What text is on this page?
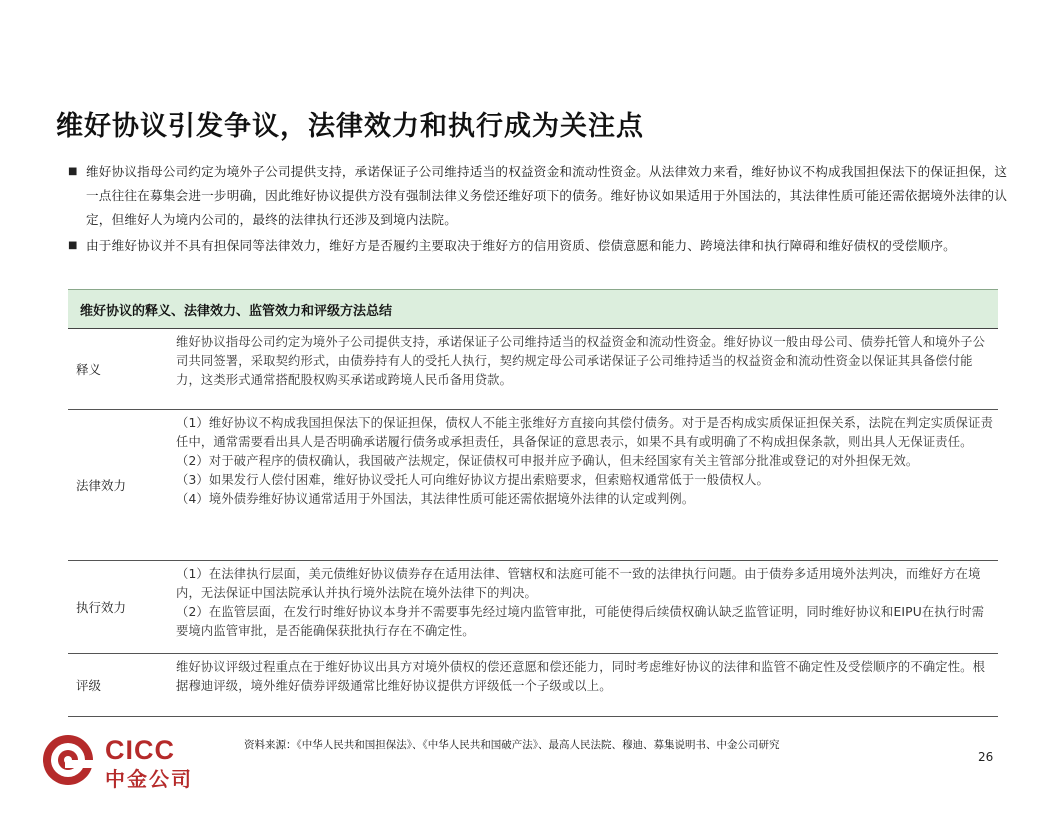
维好协议引发争议，法律效力和执行成为关注点
■ 维好协议指母公司约定为境外子公司提供支持，承诺保证子公司维持适当的权益资金和流动性资金。从法律效力来看，维好协议不构成我国担保法下的保证担保，这一点往往在募集会进一步明确，因此维好协议提供方没有强制法律义务偿还维好项下的债务。维好协议如果适用于外国法的，其法律性质可能还需依据境外法律的认定，但维好人为境内公司的，最终的法律执行还涉及到境内法院。
■ 由于维好协议并不具有担保同等法律效力，维好方是否履约主要取决于维好方的信用资质、偿债意愿和能力、跨境法律和执行障碍和维好债权的受偿顺序。
维好协议的释义、法律效力、监管效力和评级方法总结
释义

维好协议指母公司约定为境外子公司提供支持，承诺保证子公司维持适当的权益资金和流动性资金。维好协议一般由母公司、债券托管人和境外子公司共同签署，采取契约形式，由债券持有人的受托人执行，契约规定母公司承诺保证子公司维持适当的权益资金和流动性资金以保证其具备偿付能力，这类形式通常搭配股权购买承诺或跨境人民币备用贷款。

法律效力

（1）维好协议不构成我国担保法下的保证担保，债权人不能主张维好方直接向其偿付债务。对于是否构成实质保证担保关系，法院在判定实质保证责任中，通常需要看出具人是否明确承诺履行债务或承担责任，具备保证的意思表示，如果不具有或明确了不构成担保条款，则出具人无保证责任。

（2）对于破产程序的债权确认，我国破产法规定，保证债权可申报并应予确认，但未经国家有关主管部分批准或登记的对外担保无效。

（3）如果发行人偿付困难，维好协议受托人可向维好协议方提出索赔要求，但索赔权通常低于一般债权人。

（4）境外债券维好协议通常适用于外国法，其法律性质可能还需依据境外法律的认定或判例。

执行效力

（1）在法律执行层面，美元债维好协议债券存在适用法律、管辖权和法庭可能不一致的法律执行问题。由于债券多适用境外法判决，而维好方在境内，无法保证中国法院承认并执行境外法院在境外法律下的判决。

（2）在监管层面，在发行时维好协议本身并不需要事先经过境内监管审批，可能使得后续债权确认缺乏监管证明，同时维好协议和EIPU在执行时需要境内监管审批，是否能确保获批执行存在不确定性。

评级

维好协议评级过程重点在于维好协议出具方对境外债权的偿还意愿和偿还能力，同时考虑维好协议的法律和监管不确定性及受偿顺序的不确定性。根据穆迪评级，境外维好债券评级通常比维好协议提供方评级低一个子级或以上。

CICC
中金公司
资料来源：《中华人民共和国担保法》、《中华人民共和国破产法》、最高人民法院、穆迪、募集说明书、中金公司研究
26
